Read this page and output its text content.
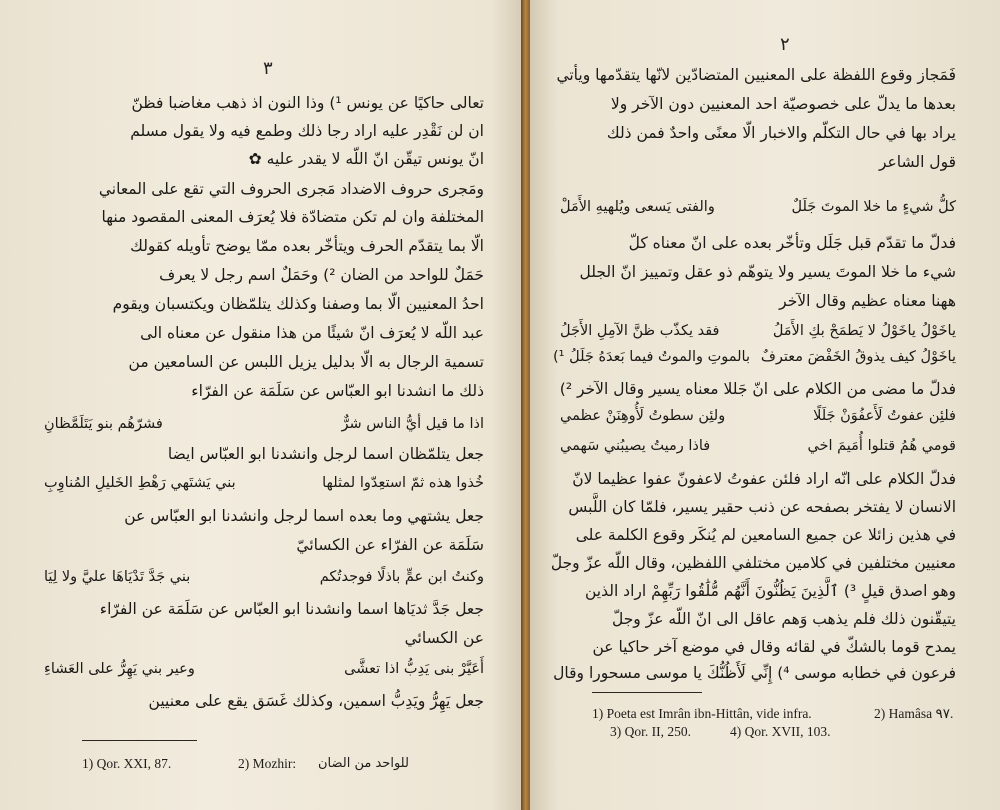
٣
تعالى حاكيًا عن يونس ¹) وذا النون اذ ذهب مغاضبا فظنّ
ان لن نَقْدِر عليه اراد رجا ذلك وطمع فيه ولا يقول مسلم
انّ يونس تيقّن انّ اللّه لا يقدر عليه ✿
ومَجرى حروف الاضداد مَجرى الحروف التي تقع على المعاني
المختلفة وان لم تكن متضادّة فلا يُعرَف المعنى المقصود منها
الّا بما يتقدّم الحرف ويتأخّر بعده ممّا يوضح تأويله كقولك
حَمَلٌ للواحد من الضان ²) وحَمَلٌ اسم رجل لا يعرف
احدُ المعنيين الّا بما وصفنا وكذلك يتلمّظان ويكتسبان ويقوم
عبد اللّه لا يُعرَف انّ شيئًا من هذا منقول عن معناه الى
تسمية الرجال به الّا بدليل يزيل اللبس عن السامعين من
ذلك ما انشدنا ابو العبّاس عن سَلَمَة عن الفرّاء
اذا ما قيل أيُّ الناس شرٌّ
فشرّهُم بنو يَتَلَمَّظانِ
جعل يتلمّظان اسما لرجل وانشدنا ابو العبّاس ايضا
خُذوا هذه ثمّ استعِدّوا لمثلها
بني يَشتَهي رَهْطِ الخَليلِ المُناوِبِ
جعل يشتهي وما بعده اسما لرجل وانشدنا ابو العبّاس عن
سَلَمَة عن الفرّاء عن الكسائيّ
وكنتُ ابن عمٍّ باذلًا فوجدتُكم
بني جَدَّ تَدْيَاهَا عليَّ ولا لِيَا
جعل جَدَّ ثديَاها اسما وانشدنا ابو العبّاس عن سَلَمَة عن الفرّاء
عن الكسائي
أَعَيَّرْ بنى يَدِبُّ اذا تعشَّى
وعير بني يَهِرُّ على العَشاءِ
جعل يَهِرُّ ويَدِبُّ اسمين، وكذلك غَسَق يقع على معنيين
1) Qor. XXI, 87.	2) Mozhir: للواحد من الضان
٢
فَمَجاز وقوع اللفظة على المعنيين المتضادّين لانّها يتقدّمها ويأتي
بعدها ما يدلّ على خصوصيّة احد المعنيين دون الآخر ولا
يراد بها في حال التكلّم والاخبار الّا معنًى واحدٌ فمن ذلك
قول الشاعر
كلُّ شيءٍ ما خلا الموتَ جَلَلٌ
والفتى يَسعى ويُلهيهِ الأَمَلْ
فدلّ ما تقدّم قبل جَلَل وتأخّر بعده على انّ معناه كلّ
شيء ما خلا الموتَ يسير ولا يتوهّم ذو عقل وتمييز انّ الجلل
ههنا معناه عظيم وقال الآخر
ياخَوْلُ ياخَوْلُ لا يَطمَحْ بكِ الأَمَلُ
فقد يكذّب ظنَّ الآمِلِ الأَجَلُ
ياخَوْلُ كيف يذوقُ الخَفْضَ معترفٌ
بالموتِ والموتُ فيما بَعدَهُ جَلَلُ ¹)
فدلّ ما مضى من الكلام على انّ جَللا معناه يسير وقال الآخر ²)
فلئِن عفوتُ لَأَعفُوَنْ جَلَلًا
ولئِن سطوتُ لَأُوهِنَنْ عظمي
قومي هُمُ قتلوا أُمَيمَ اخي
فاذا رميتُ يصيبُني سَهمي
فدلّ الكلام على انّه اراد فلئن عفوتُ لاعفونّ عفوا عظيما لانّ
الانسان لا يفتخر بصفحه عن ذنب حقير يسير، فلمّا كان اللَّبس
في هذين زائلا عن جميع السامعين لم يُنكَر وقوع الكلمة على
معنيين مختلفين في كلامين مختلفي اللفظين، وقال اللّه عزّ وجلّ
وهو اصدق قيلٍ ³) ٱلَّذِينَ يَظُنُّونَ أَنَّهُم مُّلَٰقُوا رَبِّهِمْ اراد الذين
يتيقّنون ذلك فلم يذهب وَهم عاقل الى انّ اللّه عزّ وجلّ
يمدح قوما بالشكّ في لقائه وقال في موضع آخر حاكيا عن
فرعون في خطابه موسى ⁴) إِنِّي لَأَظُنُّكَ يا موسى مسحورا وقال
1) Poeta est Imrân ibn-Hittân, vide infra.	2) Hamâsa ٩٧.
3) Qor. II, 250.	4) Qor. XVII, 103.
